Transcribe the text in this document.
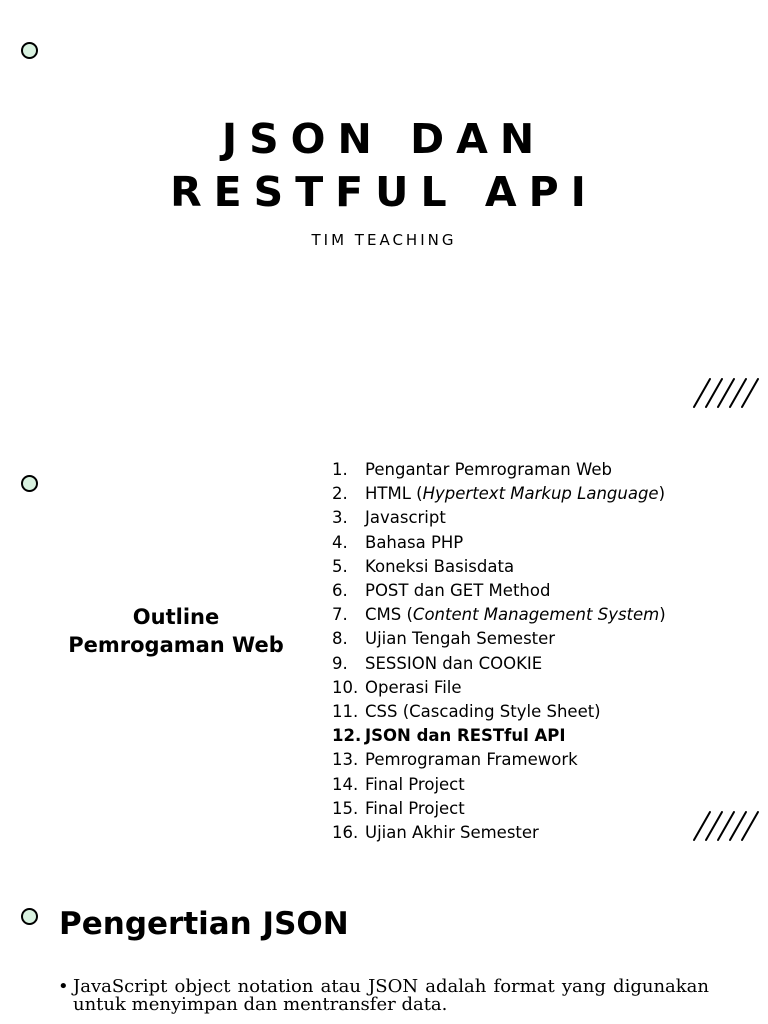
JSON DAN
RESTFUL API
TIM TEACHING
Outline
Pemrogaman Web
1.	Pengantar Pemrograman Web
2.	HTML (Hypertext Markup Language)
3.	Javascript
4.	Bahasa PHP
5.	Koneksi Basisdata
6.	POST dan GET Method
7.	CMS (Content Management System)
8.	Ujian Tengah Semester
9.	SESSION dan COOKIE
10. Operasi File
11. CSS (Cascading Style Sheet)
12. JSON dan RESTful API
13. Pemrograman Framework
14. Final Project
15. Final Project
16. Ujian Akhir Semester
Pengertian JSON
• JavaScript object notation atau JSON adalah format yang digunakan untuk menyimpan dan mentransfer data.
